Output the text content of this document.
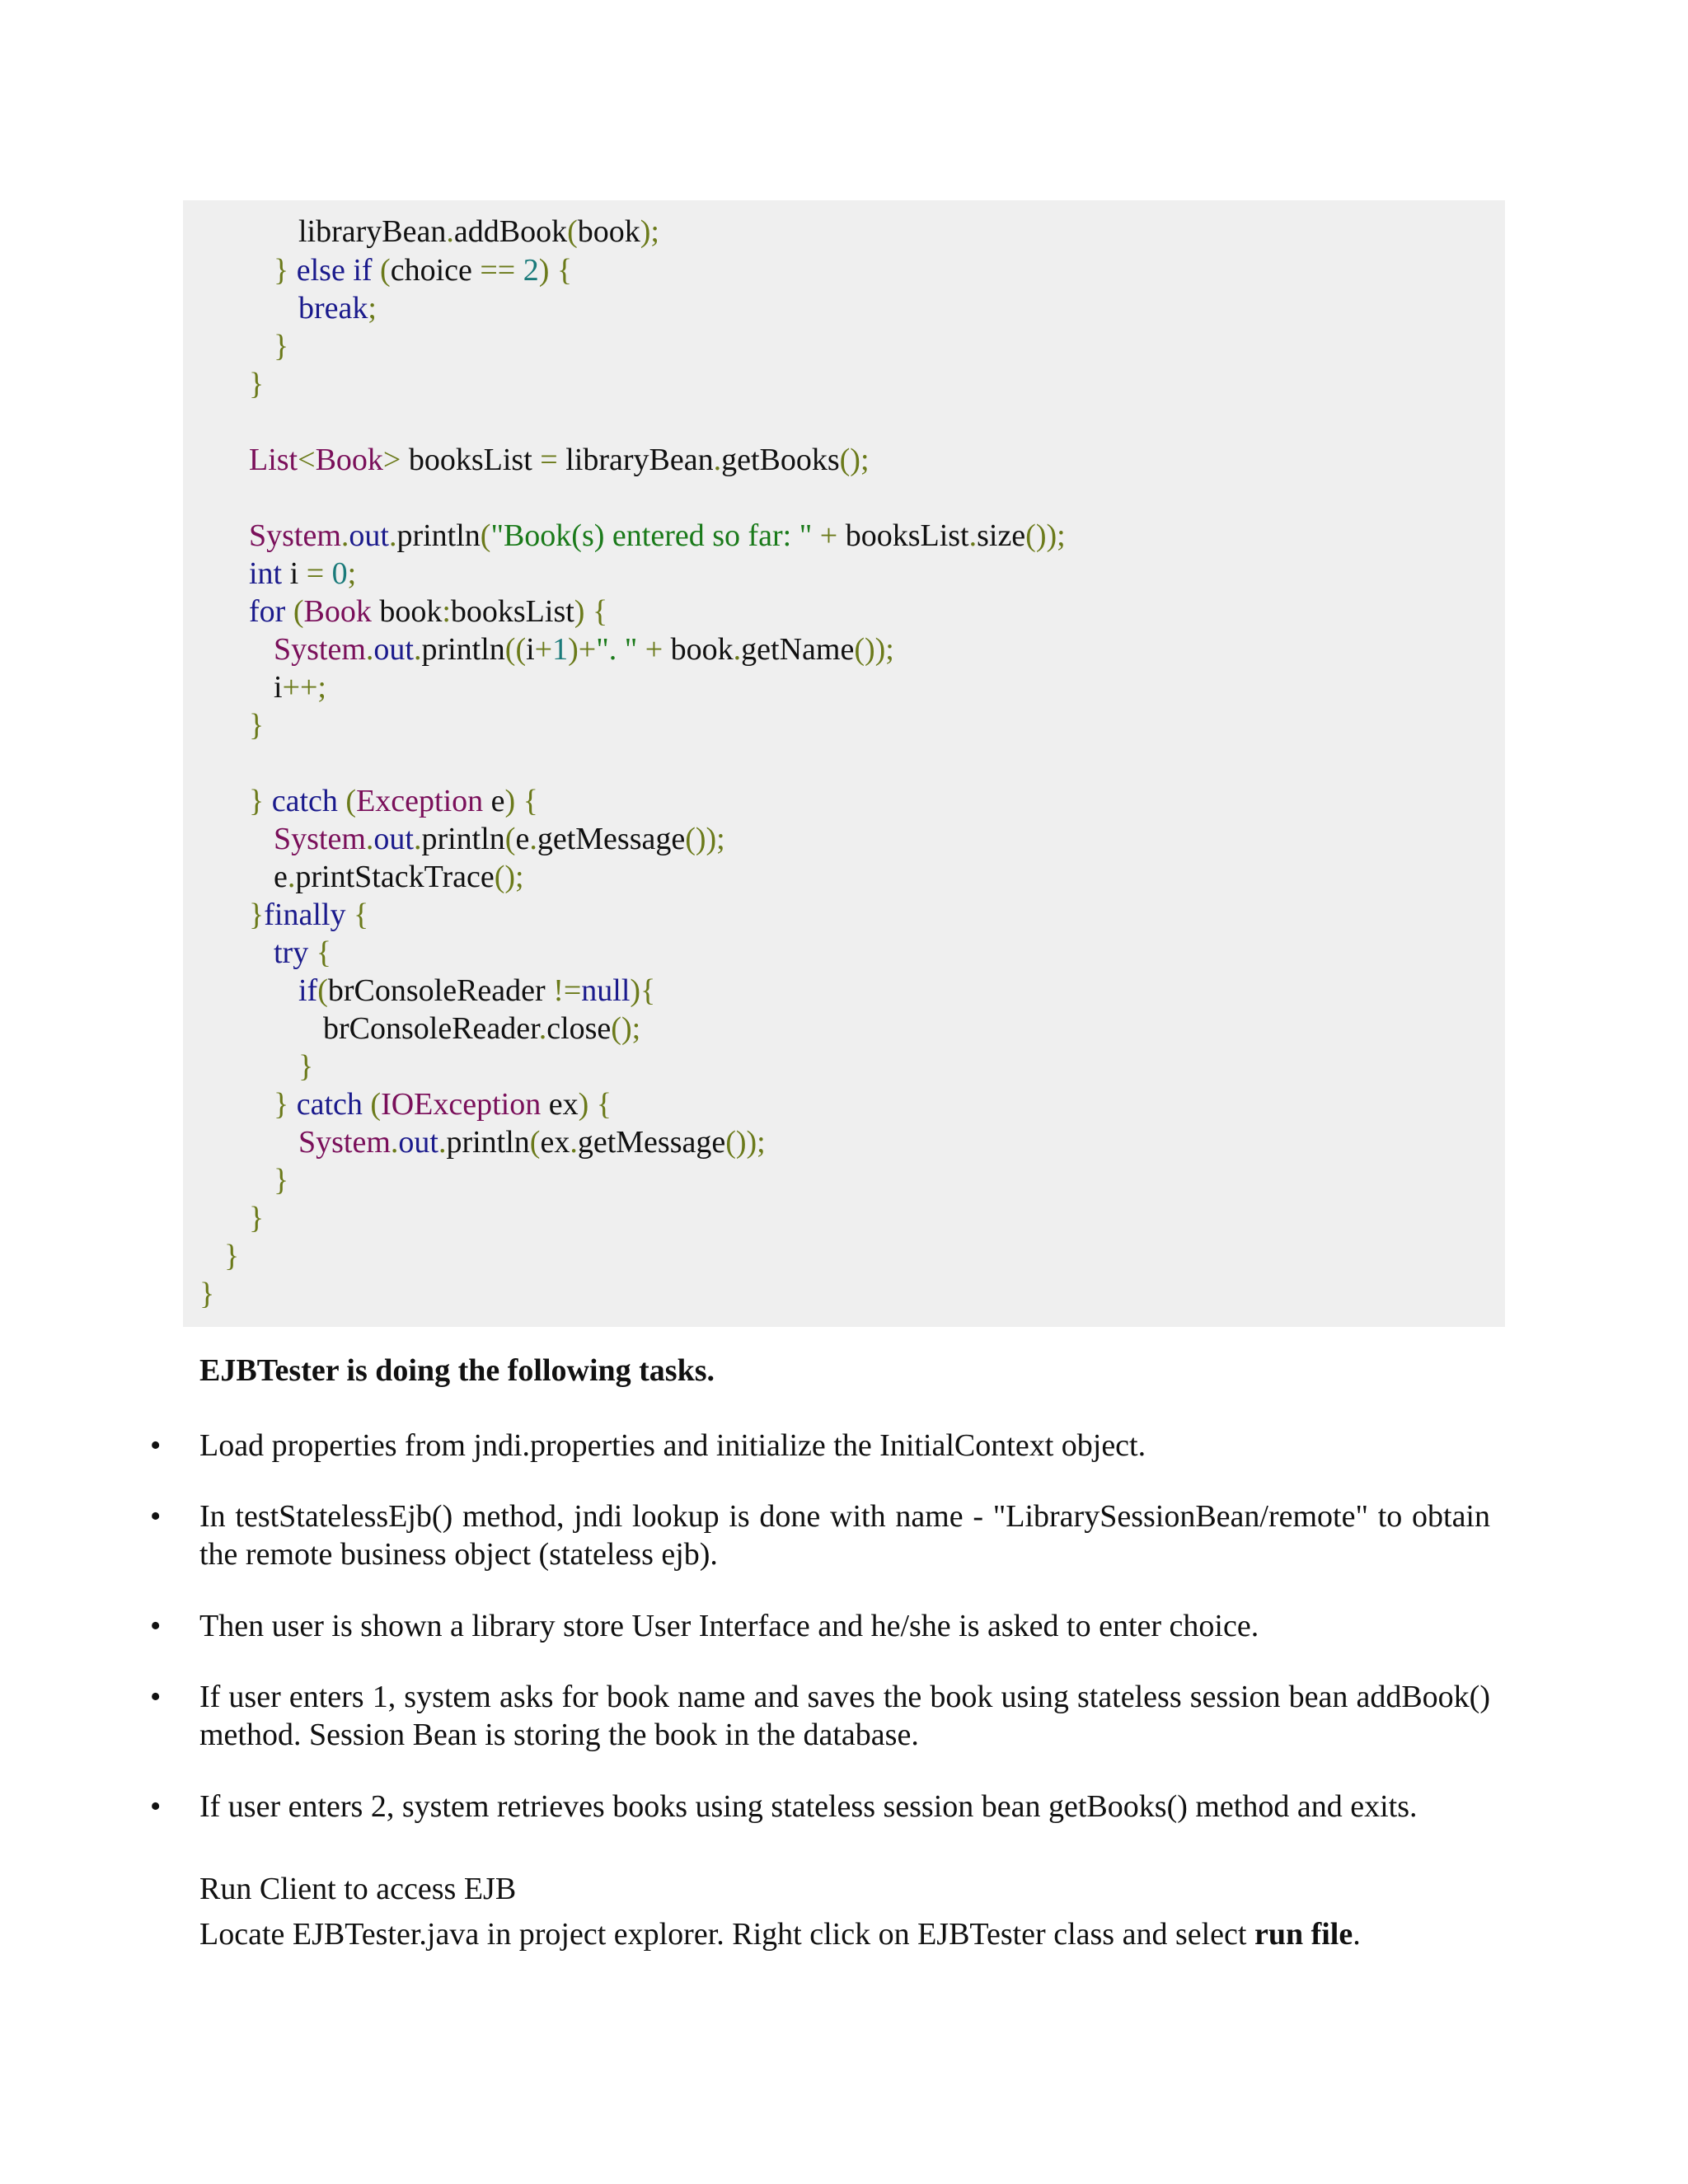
libraryBean.addBook(book);
} else if (choice == 2) {
break;
}
}
List<Book> booksList = libraryBean.getBooks();
System.out.println("Book(s) entered so far: " + booksList.size());
int i = 0;
for (Book book:booksList) {
System.out.println((i+1)+". " + book.getName());
i++;
}
} catch (Exception e) {
System.out.println(e.getMessage());
e.printStackTrace();
}finally {
try {
if(brConsoleReader !=null){
brConsoleReader.close();
}
} catch (IOException ex) {
System.out.println(ex.getMessage());
}
}
}
}
EJBTester is doing the following tasks.
• Load properties from jndi.properties and initialize the InitialContext object.
• In testStatelessEjb() method, jndi lookup is done with name - "LibrarySessionBean/remote" to obtain the remote business object (stateless ejb).
• Then user is shown a library store User Interface and he/she is asked to enter choice.
• If user enters 1, system asks for book name and saves the book using stateless session bean addBook() method. Session Bean is storing the book in the database.
• If user enters 2, system retrieves books using stateless session bean getBooks() method and exits.
Run Client to access EJB
Locate EJBTester.java in project explorer. Right click on EJBTester class and select run file.
